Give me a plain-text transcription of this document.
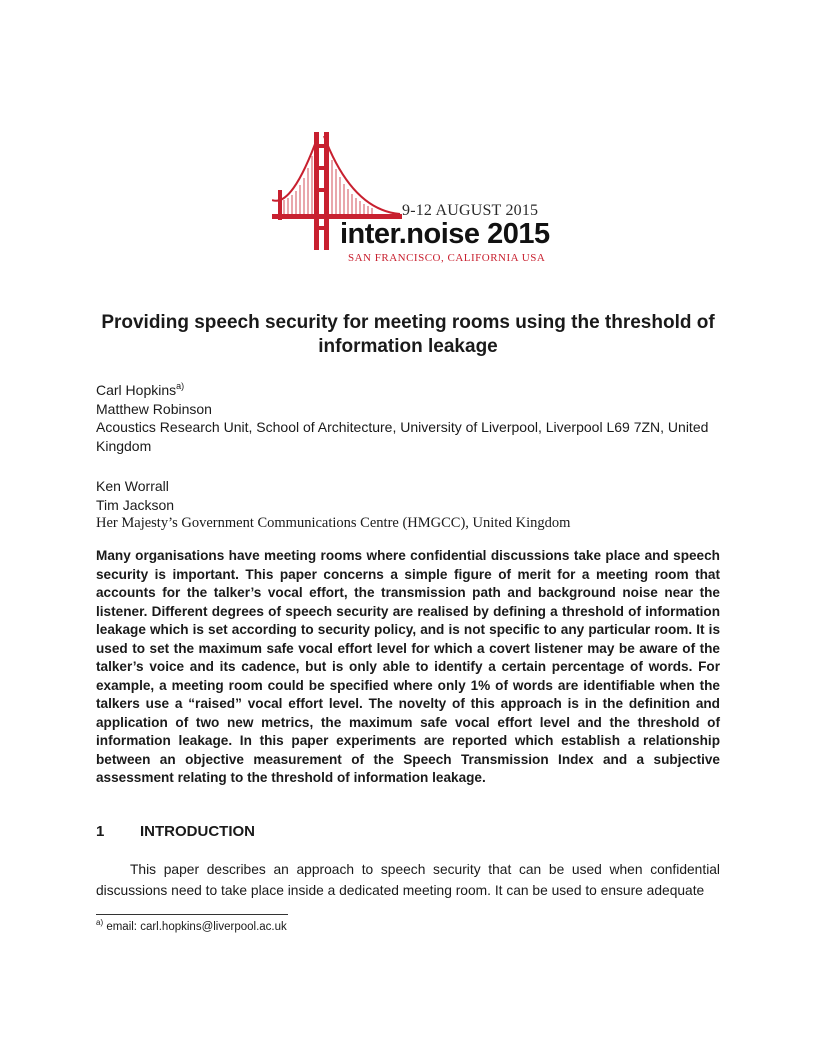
9-12 AUGUST 2015
inter.noise 2015
SAN FRANCISCO, CALIFORNIA USA
Providing speech security for meeting rooms using the threshold of information leakage
Carl Hopkins$^{a)}$
Matthew Robinson
Acoustics Research Unit, School of Architecture, University of Liverpool, Liverpool L69 7ZN, United Kingdom
Ken Worrall
Tim Jackson
Her Majesty’s Government Communications Centre (HMGCC), United Kingdom
Many organisations have meeting rooms where confidential discussions take place and speech security is important. This paper concerns a simple figure of merit for a meeting room that accounts for the talker’s vocal effort, the transmission path and background noise near the listener. Different degrees of speech security are realised by defining a threshold of information leakage which is set according to security policy, and is not specific to any particular room. It is used to set the maximum safe vocal effort level for which a covert listener may be aware of the talker’s voice and its cadence, but is only able to identify a certain percentage of words. For example, a meeting room could be specified where only 1% of words are identifiable when the talkers use a “raised” vocal effort level. The novelty of this approach is in the definition and application of two new metrics, the maximum safe vocal effort level and the threshold of information leakage. In this paper experiments are reported which establish a relationship between an objective measurement of the Speech Transmission Index and a subjective assessment relating to the threshold of information leakage.
1 INTRODUCTION
This paper describes an approach to speech security that can be used when confidential discussions need to take place inside a dedicated meeting room. It can be used to ensure adequate
$^{a)}$ email: carl.hopkins@liverpool.ac.uk
